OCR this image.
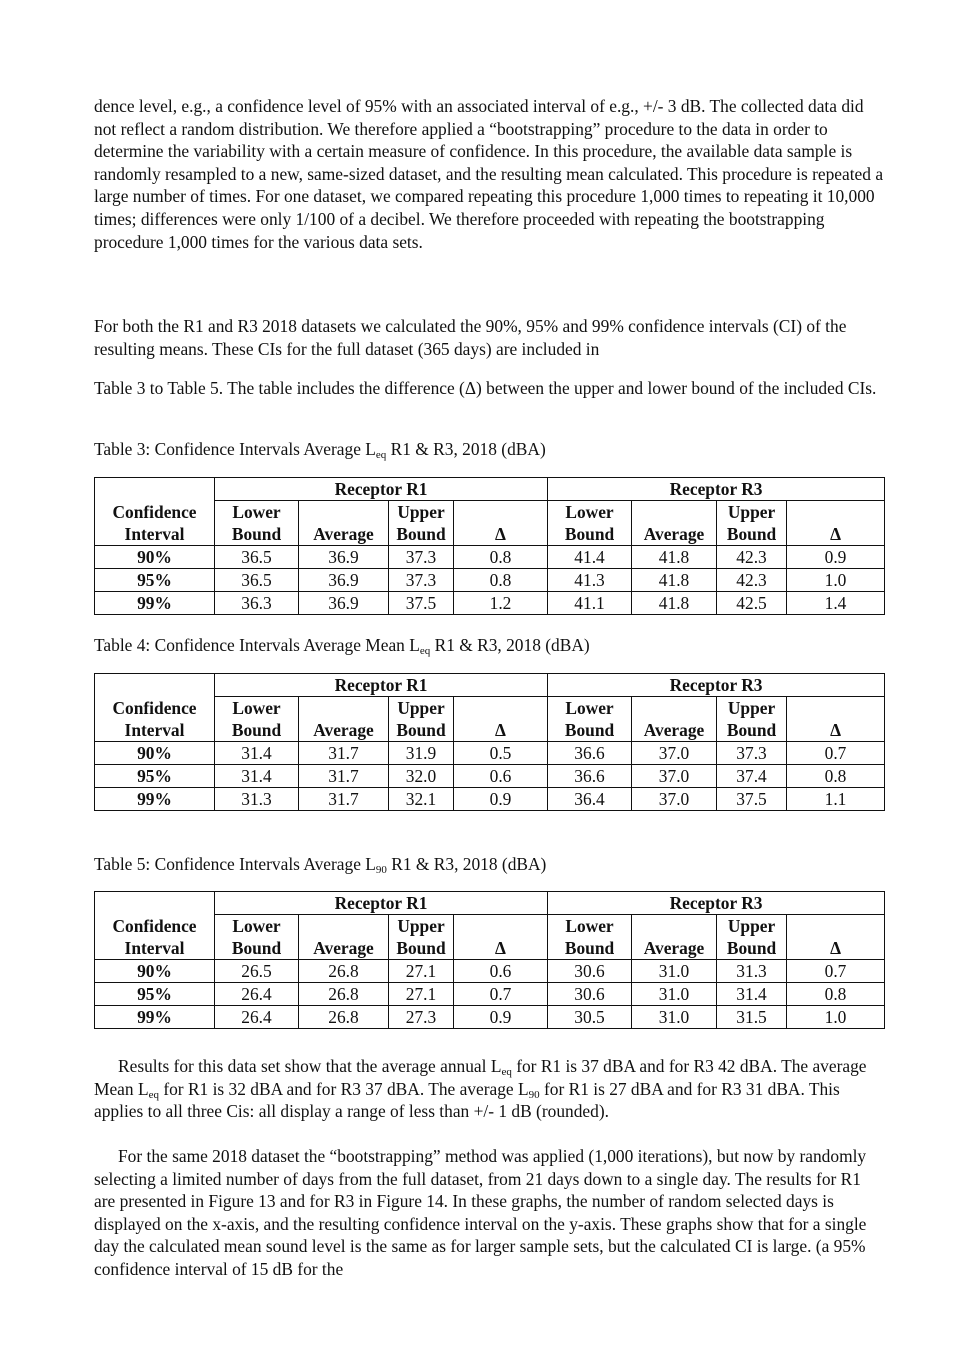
dence level, e.g., a confidence level of 95% with an associated interval of e.g., +/- 3 dB. The collected data did not reflect a random distribution. We therefore applied a “bootstrapping” procedure to the data in order to determine the variability with a certain measure of confidence. In this procedure, the available data sample is randomly resampled to a new, same-sized dataset, and the resulting mean calculated. This procedure is repeated a large number of times. For one dataset, we compared repeating this procedure 1,000 times to repeating it 10,000 times; differences were only 1/100 of a decibel. We therefore proceeded with repeating the bootstrapping procedure 1,000 times for the various data sets.

For both the R1 and R3 2018 datasets we calculated the 90%, 95% and 99% confidence intervals (CI) of the resulting means. These CIs for the full dataset (365 days) are included in

Table 3 to Table 5. The table includes the difference (Δ) between the upper and lower bound of the included CIs.

Table 3: Confidence Intervals Average $L_{eq}$ R1 & R3, 2018 (dBA)

	Receptor R1				Receptor R3			
Confidence	Lower		Upper		Lower		Upper	
Interval	Bound	Average	Bound	Δ	Bound	Average	Bound	Δ
90%	36.5	36.9	37.3	0.8	41.4	41.8	42.3	0.9
95%	36.5	36.9	37.3	0.8	41.3	41.8	42.3	1.0
99%	36.3	36.9	37.5	1.2	41.1	41.8	42.5	1.4

Table 4: Confidence Intervals Average Mean $L_{eq}$ R1 & R3, 2018 (dBA)

	Receptor R1				Receptor R3			
Confidence	Lower		Upper		Lower		Upper	
Interval	Bound	Average	Bound	Δ	Bound	Average	Bound	Δ
90%	31.4	31.7	31.9	0.5	36.6	37.0	37.3	0.7
95%	31.4	31.7	32.0	0.6	36.6	37.0	37.4	0.8
99%	31.3	31.7	32.1	0.9	36.4	37.0	37.5	1.1

Table 5: Confidence Intervals Average $L_{90}$ R1 & R3, 2018 (dBA)

	Receptor R1				Receptor R3			
Confidence	Lower		Upper		Lower		Upper	
Interval	Bound	Average	Bound	Δ	Bound	Average	Bound	Δ
90%	26.5	26.8	27.1	0.6	30.6	31.0	31.3	0.7
95%	26.4	26.8	27.1	0.7	30.6	31.0	31.4	0.8
99%	26.4	26.8	27.3	0.9	30.5	31.0	31.5	1.0

Results for this data set show that the average annual $L_{eq}$ for R1 is 37 dBA and for R3 42 dBA. The average Mean $L_{eq}$ for R1 is 32 dBA and for R3 37 dBA. The average $L_{90}$ for R1 is 27 dBA and for R3 31 dBA. This applies to all three Cis: all display a range of less than +/- 1 dB (rounded).

For the same 2018 dataset the “bootstrapping” method was applied (1,000 iterations), but now by randomly selecting a limited number of days from the full dataset, from 21 days down to a single day. The results for R1 are presented in Figure 13 and for R3 in Figure 14. In these graphs, the number of random selected days is displayed on the x-axis, and the resulting confidence interval on the y-axis. These graphs show that for a single day the calculated mean sound level is the same as for larger sample sets, but the calculated CI is large. (a 95% confidence interval of 15 dB for the
